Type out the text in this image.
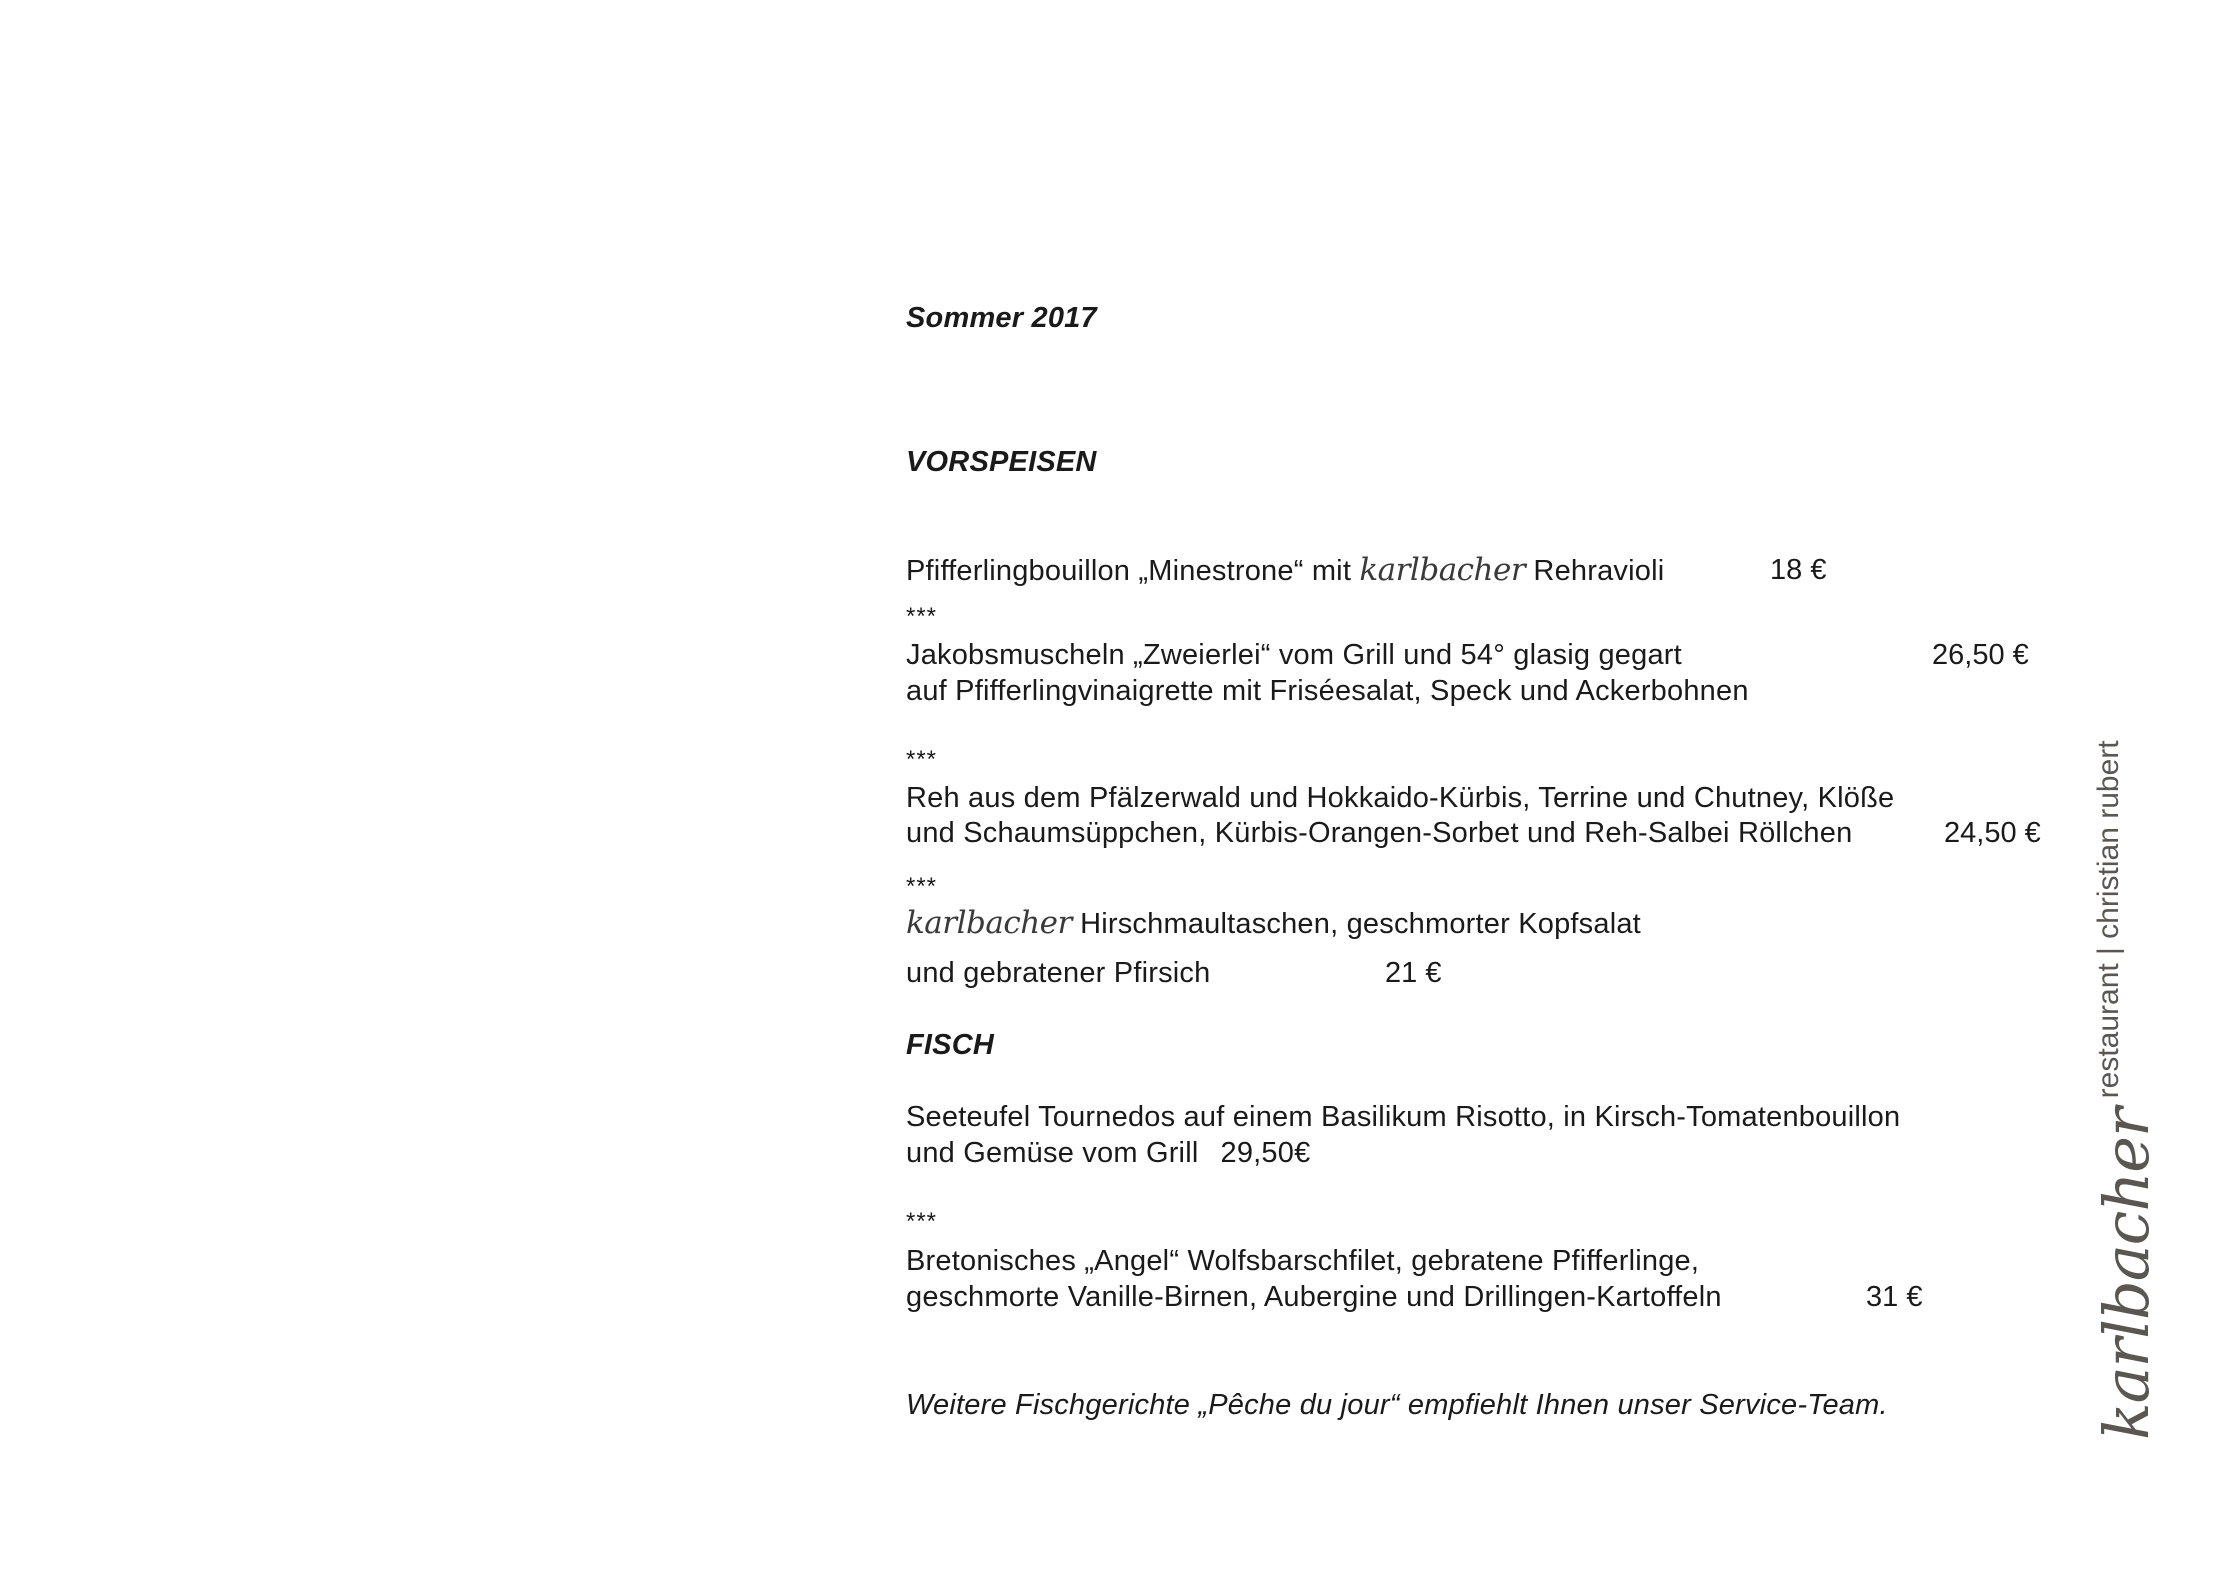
Sommer 2017
VORSPEISEN
Pfifferlingbouillon „Minestrone“ mit karlbacher Rehravioli	18 €
***
Jakobsmuscheln „Zweierlei“ vom Grill und 54° glasig gegart
auf Pfifferlingvinaigrette mit Friséesalat, Speck und Ackerbohnen
26,50 €
***
Reh aus dem Pfälzerwald und Hokkaido-Kürbis, Terrine und Chutney, Klöße
und Schaumsüppchen, Kürbis-Orangen-Sorbet und Reh-Salbei Röllchen	24,50 €
***
karlbacher Hirschmaultaschen, geschmorter Kopfsalat
und gebratener Pfirsich	21 €
FISCH
Seeteufel Tournedos auf einem Basilikum Risotto, in Kirsch-Tomatenbouillon
und Gemüse vom Grill 29,50€
***
Bretonisches „Angel“ Wolfsbarschfilet, gebratene Pfifferlinge,
geschmorte Vanille-Birnen, Aubergine und Drillingen-Kartoffeln	31 €
Weitere Fischgerichte „Pêche du jour“ empfiehlt Ihnen unser Service-Team.	karlbacher
restaurant | christian rubert
